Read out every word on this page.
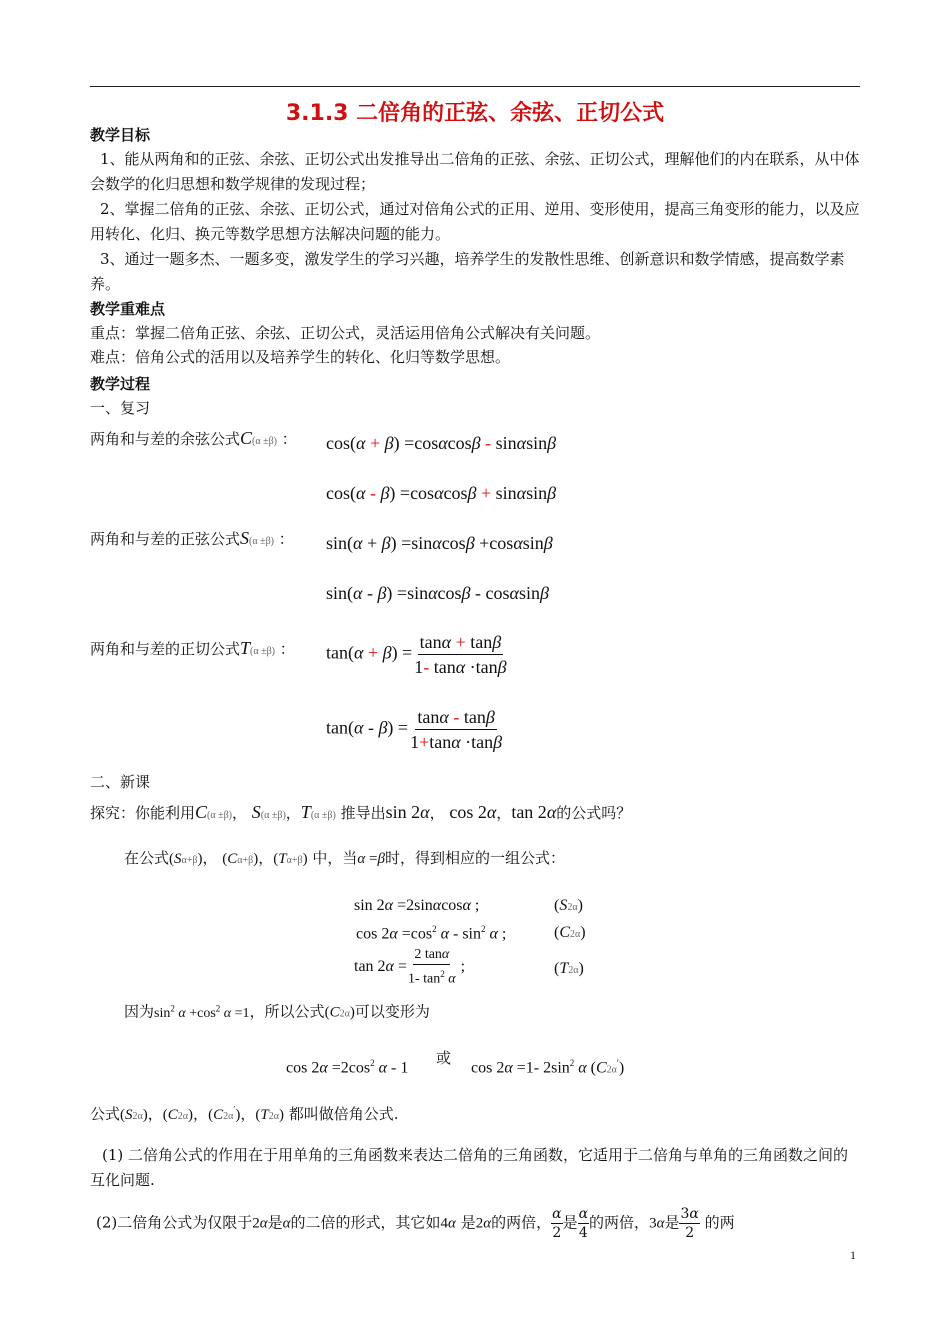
3.1.3 二倍角的正弦、余弦、正切公式
教学目标
1、能从两角和的正弦、余弦、正切公式出发推导出二倍角的正弦、余弦、正切公式，理解他们的内在联系，从中体会数学的化归思想和数学规律的发现过程；
2、掌握二倍角的正弦、余弦、正切公式，通过对倍角公式的正用、逆用、变形使用，提高三角变形的能力，以及应用转化、化归、换元等数学思想方法解决问题的能力。
3、通过一题多杰、一题多变，激发学生的学习兴趣，培养学生的发散性思维、创新意识和数学情感，提高数学素养。
教学重难点
重点：掌握二倍角正弦、余弦、正切公式，灵活运用倍角公式解决有关问题。
难点：倍角公式的活用以及培养学生的转化、化归等数学思想。
教学过程
一、复习
两角和与差的余弦公式C(α ±β) ： cos(α + β) =cosαcosβ - sinαsinβ
cos(α - β) =cosαcosβ + sinαsinβ
两角和与差的正弦公式S(α ±β) ： sin(α + β) =sinαcosβ +cosαsinβ
sin(α - β) =sinαcosβ - cosαsinβ
两角和与差的正切公式T(α ±β) ： $\tan(\alpha + \beta) = \frac{\tan\alpha + \tan\beta}{1- \tan\alpha \cdot\tan\beta}$
$\tan(\alpha - \beta) = \frac{\tan\alpha - \tan\beta}{1+\tan\alpha \cdot\tan\beta}$
二、新课
探究：你能利用C(α ±β)， S(α ±β)，T(α ±β) 推导出sin 2α， cos 2α，tan 2α的公式吗？
在公式(Sα+β)， (Cα+β)，(Tα+β) 中，当α =β时，得到相应的一组公式：
sin 2α =2sinαcosα ;	(S2α)
$\cos 2\alpha =\cos^2$ α - $\sin^2 \alpha$ ;	(C2α)
$\tan 2\alpha = \frac{2 \tan\alpha}{1- \tan^2 \alpha}$ ;	(T2α)
因为$\sin^2 \alpha +\cos^2$ α =1，所以公式(C2α)可以变形为
$\cos 2\alpha =2\cos^2$ α - 1
或
cos 2α =1- $2\sin^2$ α (C2α′)
公式(S2α)，(C2α)，(C2α′)，(T2α) 都叫做倍角公式.
(1) 二倍角公式的作用在于用单角的三角函数来表达二倍角的三角函数，它适用于二倍角与单角的三角函数之间的互化问题.
(2)二倍角公式为仅限于2α是α的二倍的形式，其它如4α 是2α的两倍， $\frac{\alpha}{2}$ 是 $\frac{\alpha}{4}$ 的两倍，3α是 $\frac{3\alpha}{2}$ 的两
1
